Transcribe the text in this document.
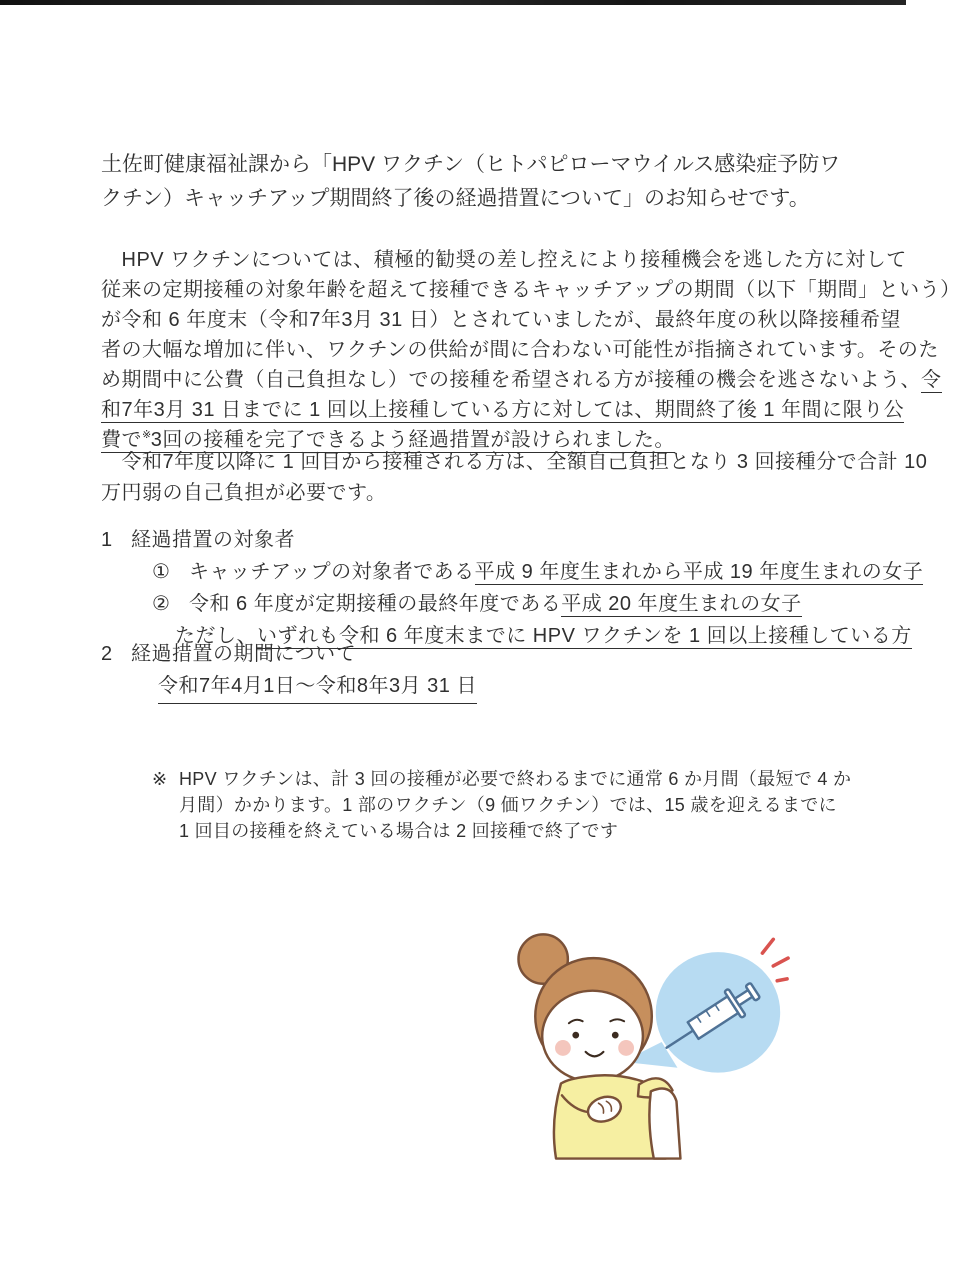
土佐町健康福祉課から「HPV ワクチン（ヒトパピローマウイルス感染症予防ワ
クチン）キャッチアップ期間終了後の経過措置について」のお知らせです。
　HPV ワクチンについては、積極的勧奨の差し控えにより接種機会を逃した方に対して
従来の定期接種の対象年齢を超えて接種できるキャッチアップの期間（以下「期間」という）
が令和 6 年度末（令和7年3月 31 日）とされていましたが、最終年度の秋以降接種希望
者の大幅な増加に伴い、ワクチンの供給が間に合わない可能性が指摘されています。そのた
め期間中に公費（自己負担なし）での接種を希望される方が接種の機会を逃さないよう、令
和7年3月 31 日までに 1 回以上接種している方に対しては、期間終了後 1 年間に限り公
費で※3回の接種を完了できるよう経過措置が設けられました。
　令和7年度以降に 1 回目から接種される方は、全額自己負担となり 3 回接種分で合計 10
万円弱の自己負担が必要です。
1 経過措置の対象者
① キャッチアップの対象者である平成 9 年度生まれから平成 19 年度生まれの女子
② 令和 6 年度が定期接種の最終年度である平成 20 年度生まれの女子
ただし、いずれも令和 6 年度末までに HPV ワクチンを 1 回以上接種している方
2 経過措置の期間について
令和7年4月1日～令和8年3月 31 日
※ HPV ワクチンは、計 3 回の接種が必要で終わるまでに通常 6 か月間（最短で 4 か
月間）かかります。1 部のワクチン（9 価ワクチン）では、15 歳を迎えるまでに
1 回目の接種を終えている場合は 2 回接種で終了です
